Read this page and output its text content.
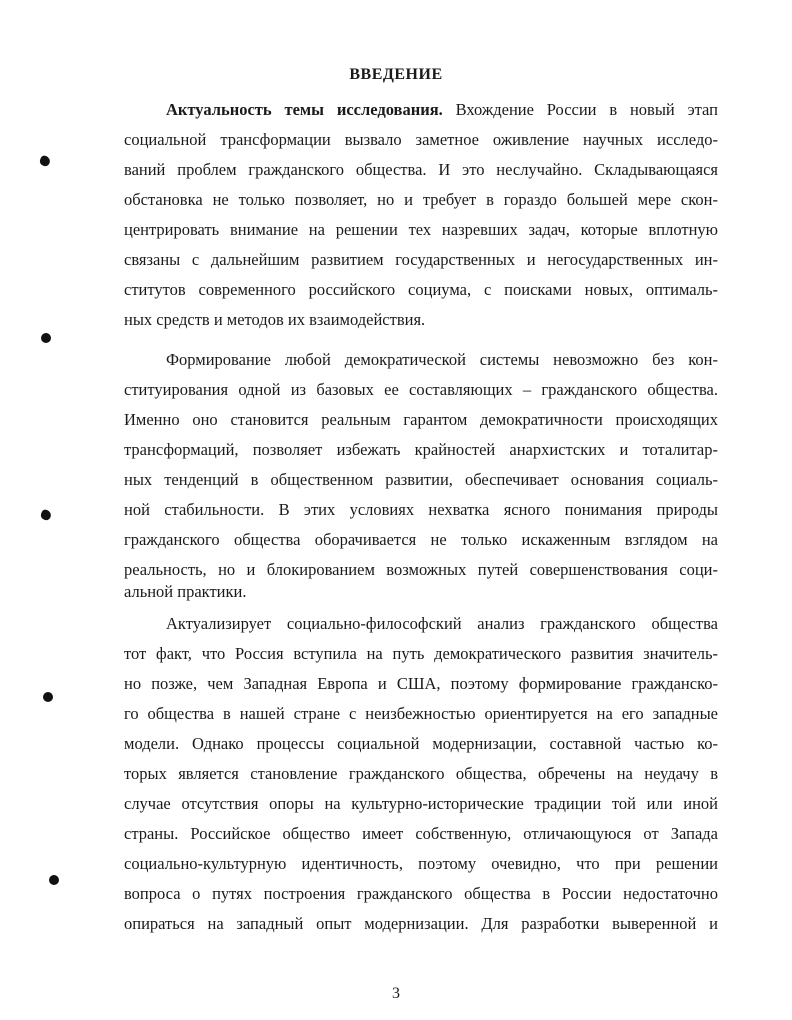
ВВЕДЕНИЕ
Актуальность темы исследования. Вхождение России в новый этап
социальной трансформации вызвало заметное оживление научных исследо-
ваний проблем гражданского общества. И это неслучайно. Складывающаяся
обстановка не только позволяет, но и требует в гораздо большей мере скон-
центрировать внимание на решении тех назревших задач, которые вплотную
связаны с дальнейшим развитием государственных и негосударственных ин-
ститутов современного российского социума, с поисками новых, оптималь-
ных средств и методов их взаимодействия.
Формирование любой демократической системы невозможно без кон-
ституирования одной из базовых ее составляющих – гражданского общества.
Именно оно становится реальным гарантом демократичности происходящих
трансформаций, позволяет избежать крайностей анархистских и тоталитар-
ных тенденций в общественном развитии, обеспечивает основания социаль-
ной стабильности. В этих условиях нехватка ясного понимания природы
гражданского общества оборачивается не только искаженным взглядом на
реальность, но и блокированием возможных путей совершенствования соци-
альной практики.
Актуализирует социально-философский анализ гражданского общества
тот факт, что Россия вступила на путь демократического развития значитель-
но позже, чем Западная Европа и США, поэтому формирование гражданско-
го общества в нашей стране с неизбежностью ориентируется на его западные
модели. Однако процессы социальной модернизации, составной частью ко-
торых является становление гражданского общества, обречены на неудачу в
случае отсутствия опоры на культурно-исторические традиции той или иной
страны. Российское общество имеет собственную, отличающуюся от Запада
социально-культурную идентичность, поэтому очевидно, что при решении
вопроса о путях построения гражданского общества в России недостаточно
опираться на западный опыт модернизации. Для разработки выверенной и
3
